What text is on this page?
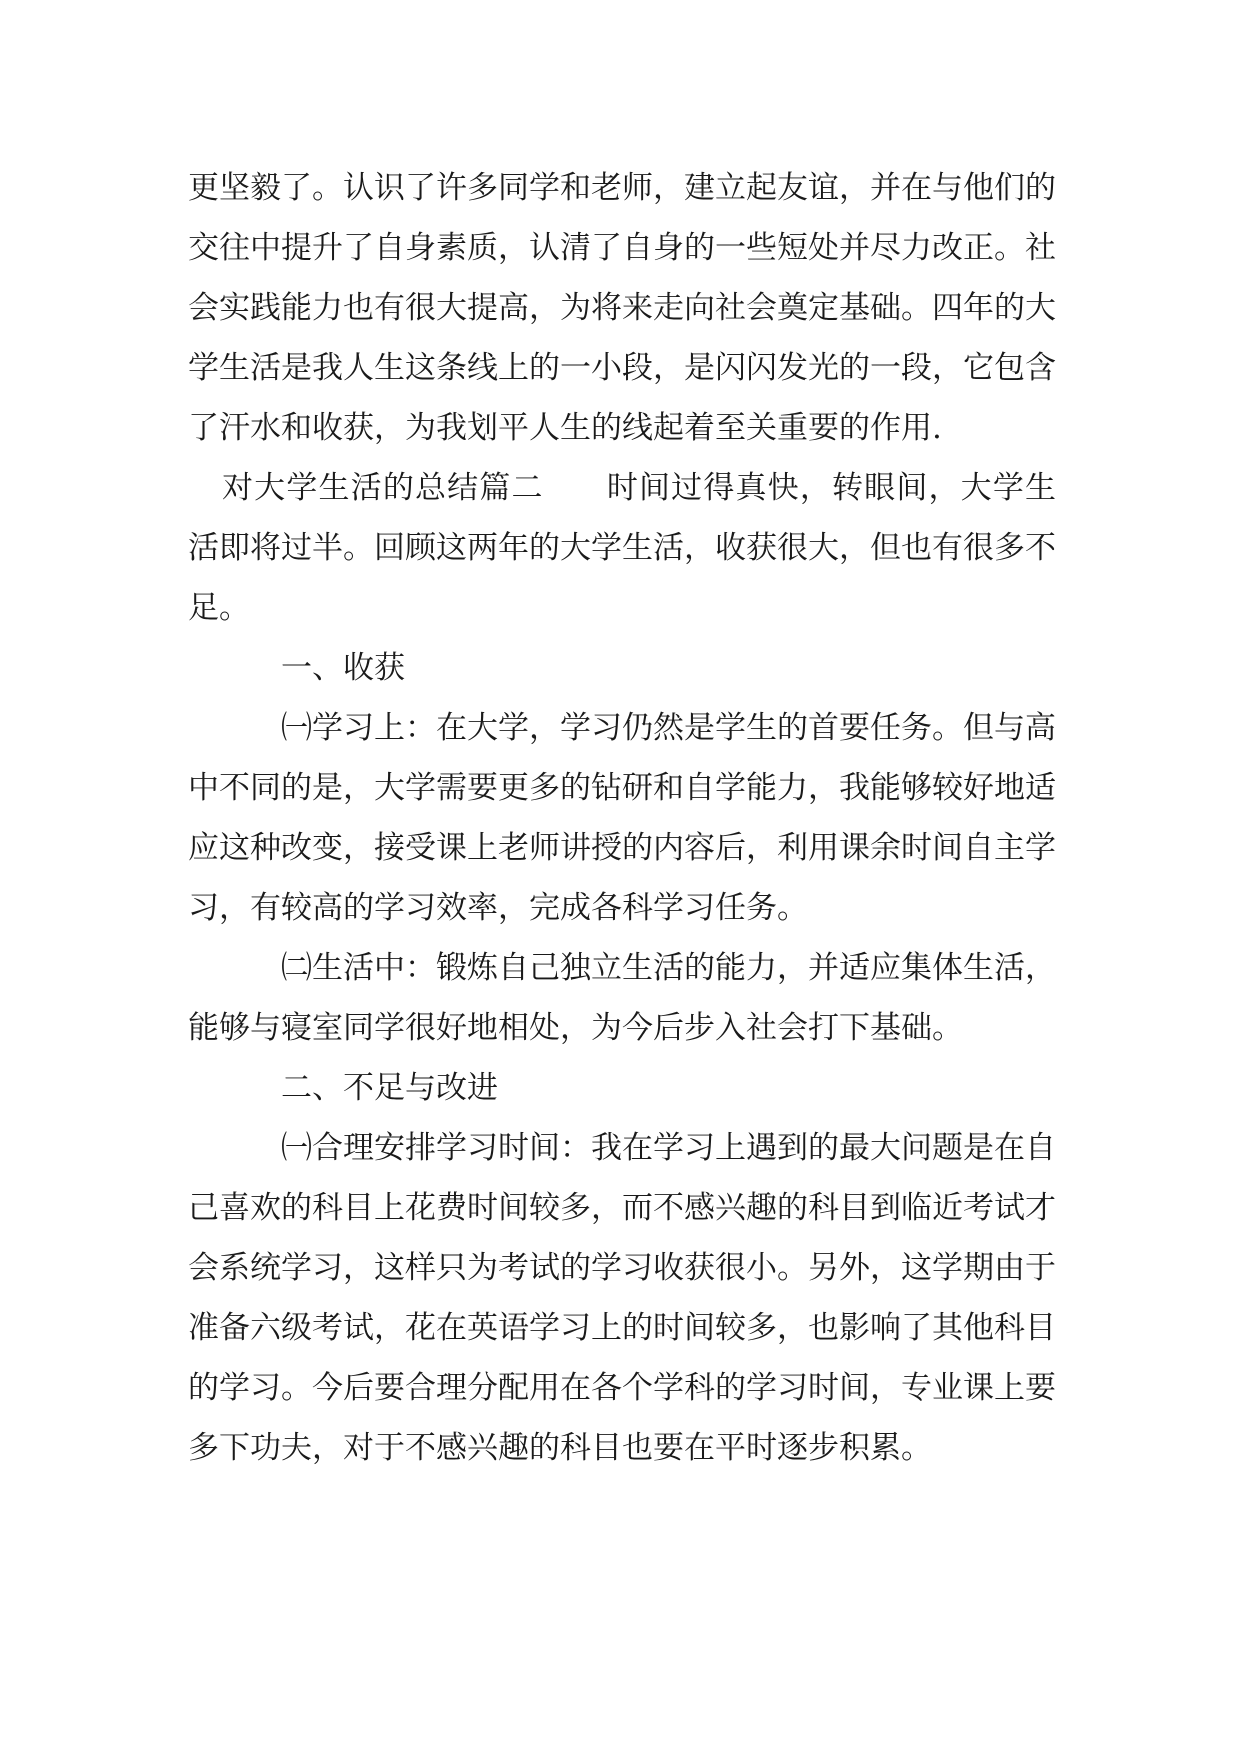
更坚毅了。认识了许多同学和老师，建立起友谊，并在与他们的交往中提升了自身素质，认清了自身的一些短处并尽力改正。社会实践能力也有很大提高，为将来走向社会奠定基础。四年的大学生活是我人生这条线上的一小段，是闪闪发光的一段，它包含了汗水和收获，为我划平人生的线起着至关重要的作用.

对大学生活的总结篇二 时间过得真快，转眼间，大学生活即将过半。回顾这两年的大学生活，收获很大，但也有很多不足。

一、收获

㈠学习上：在大学，学习仍然是学生的首要任务。但与高中不同的是，大学需要更多的钻研和自学能力，我能够较好地适应这种改变，接受课上老师讲授的内容后，利用课余时间自主学习，有较高的学习效率，完成各科学习任务。

㈡生活中：锻炼自己独立生活的能力，并适应集体生活，能够与寝室同学很好地相处，为今后步入社会打下基础。

二、不足与改进

㈠合理安排学习时间：我在学习上遇到的最大问题是在自己喜欢的科目上花费时间较多，而不感兴趣的科目到临近考试才会系统学习，这样只为考试的学习收获很小。另外，这学期由于准备六级考试，花在英语学习上的时间较多，也影响了其他科目的学习。今后要合理分配用在各个学科的学习时间，专业课上要多下功夫，对于不感兴趣的科目也要在平时逐步积累。
